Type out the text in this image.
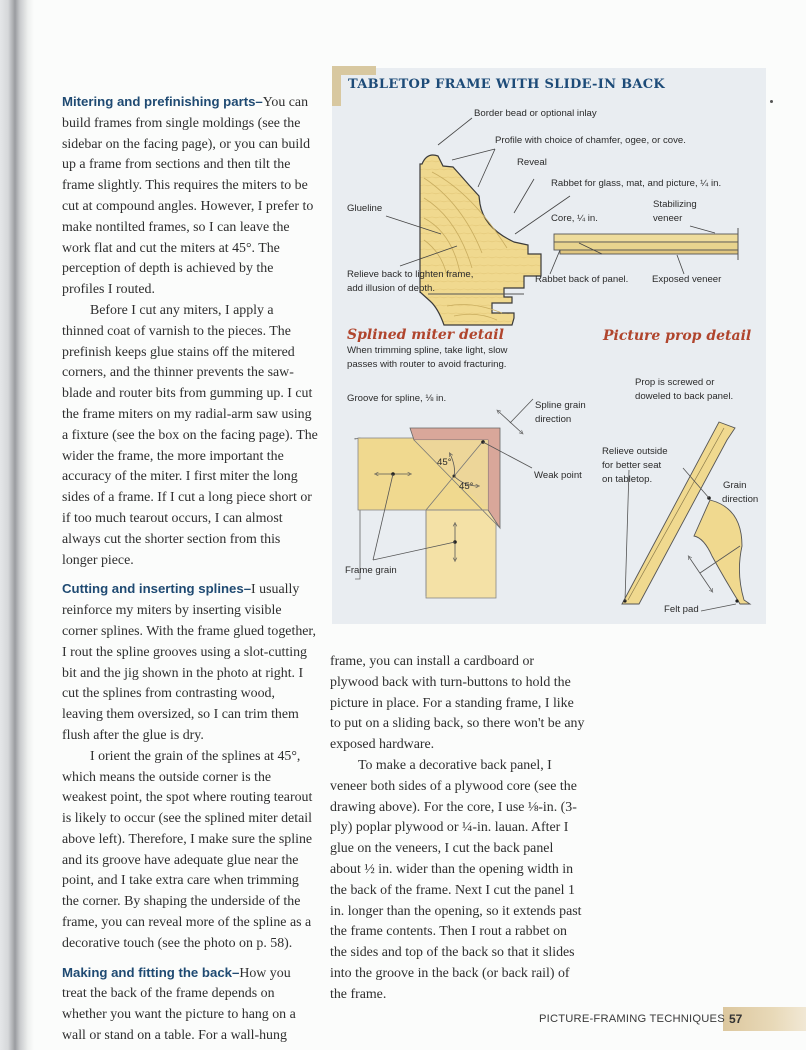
Mitering and prefinishing parts–You can build frames from single moldings (see the sidebar on the facing page), or you can build up a frame from sections and then tilt the frame slightly. This requires the miters to be cut at compound angles. However, I prefer to make nontilted frames, so I can leave the work flat and cut the miters at 45°. The perception of depth is achieved by the profiles I routed.

Before I cut any miters, I apply a thinned coat of varnish to the pieces. The prefinish keeps glue stains off the mitered corners, and the thinner prevents the saw-blade and router bits from gumming up. I cut the frame miters on my radial-arm saw using a fixture (see the box on the facing page). The wider the frame, the more important the accuracy of the miter. I first miter the long sides of a frame. If I cut a long piece short or if too much tearout occurs, I can almost always cut the shorter section from this longer piece.

Cutting and inserting splines–I usually reinforce my miters by inserting visible corner splines. With the frame glued together, I rout the spline grooves using a slot-cutting bit and the jig shown in the photo at right. I cut the splines from contrasting wood, leaving them oversized, so I can trim them flush after the glue is dry.

I orient the grain of the splines at 45°, which means the outside corner is the weakest point, the spot where routing tearout is likely to occur (see the splined miter detail above left). Therefore, I make sure the spline and its groove have adequate glue near the point, and I take extra care when trimming the corner. By shaping the underside of the frame, you can reveal more of the spline as a decorative touch (see the photo on p. 58).

Making and fitting the back–How you treat the back of the frame depends on whether you want the picture to hang on a wall or stand on a table. For a wall-hung

frame, you can install a cardboard or plywood back with turn-buttons to hold the picture in place. For a standing frame, I like to put on a sliding back, so there won't be any exposed hardware.

To make a decorative back panel, I veneer both sides of a plywood core (see the drawing above). For the core, I use ⅛-in. (3-ply) poplar plywood or ¼-in. lauan. After I glue on the veneers, I cut the back panel about ½ in. wider than the opening width in the back of the frame. Next I cut the panel 1 in. longer than the opening, so it extends past the frame contents. Then I rout a rabbet on the sides and top of the back so that it slides into the groove in the back (or back rail) of the frame.

TABLETOP FRAME WITH SLIDE-IN BACK
Border bead or optional inlay
Profile with choice of chamfer, ogee, or cove.
Reveal
Rabbet for glass, mat, and picture, ¼ in.
Glueline	Stabilizing
veneer
Core, ¼ in.
Relieve back to lighten frame,
add illusion of depth.
Rabbet back of panel. Exposed veneer
Splined miter detail
When trimming spline, take light, slow
passes with router to avoid fracturing.
Groove for spline, ⅛ in.
Spline grain
direction
45°
45°
Weak point
Frame grain
Picture prop detail
Prop is screwed or
doweled to back panel.
Relieve outside
for better seat
on tabletop.
Grain
direction
Felt pad
PICTURE-FRAMING TECHNIQUES 57
